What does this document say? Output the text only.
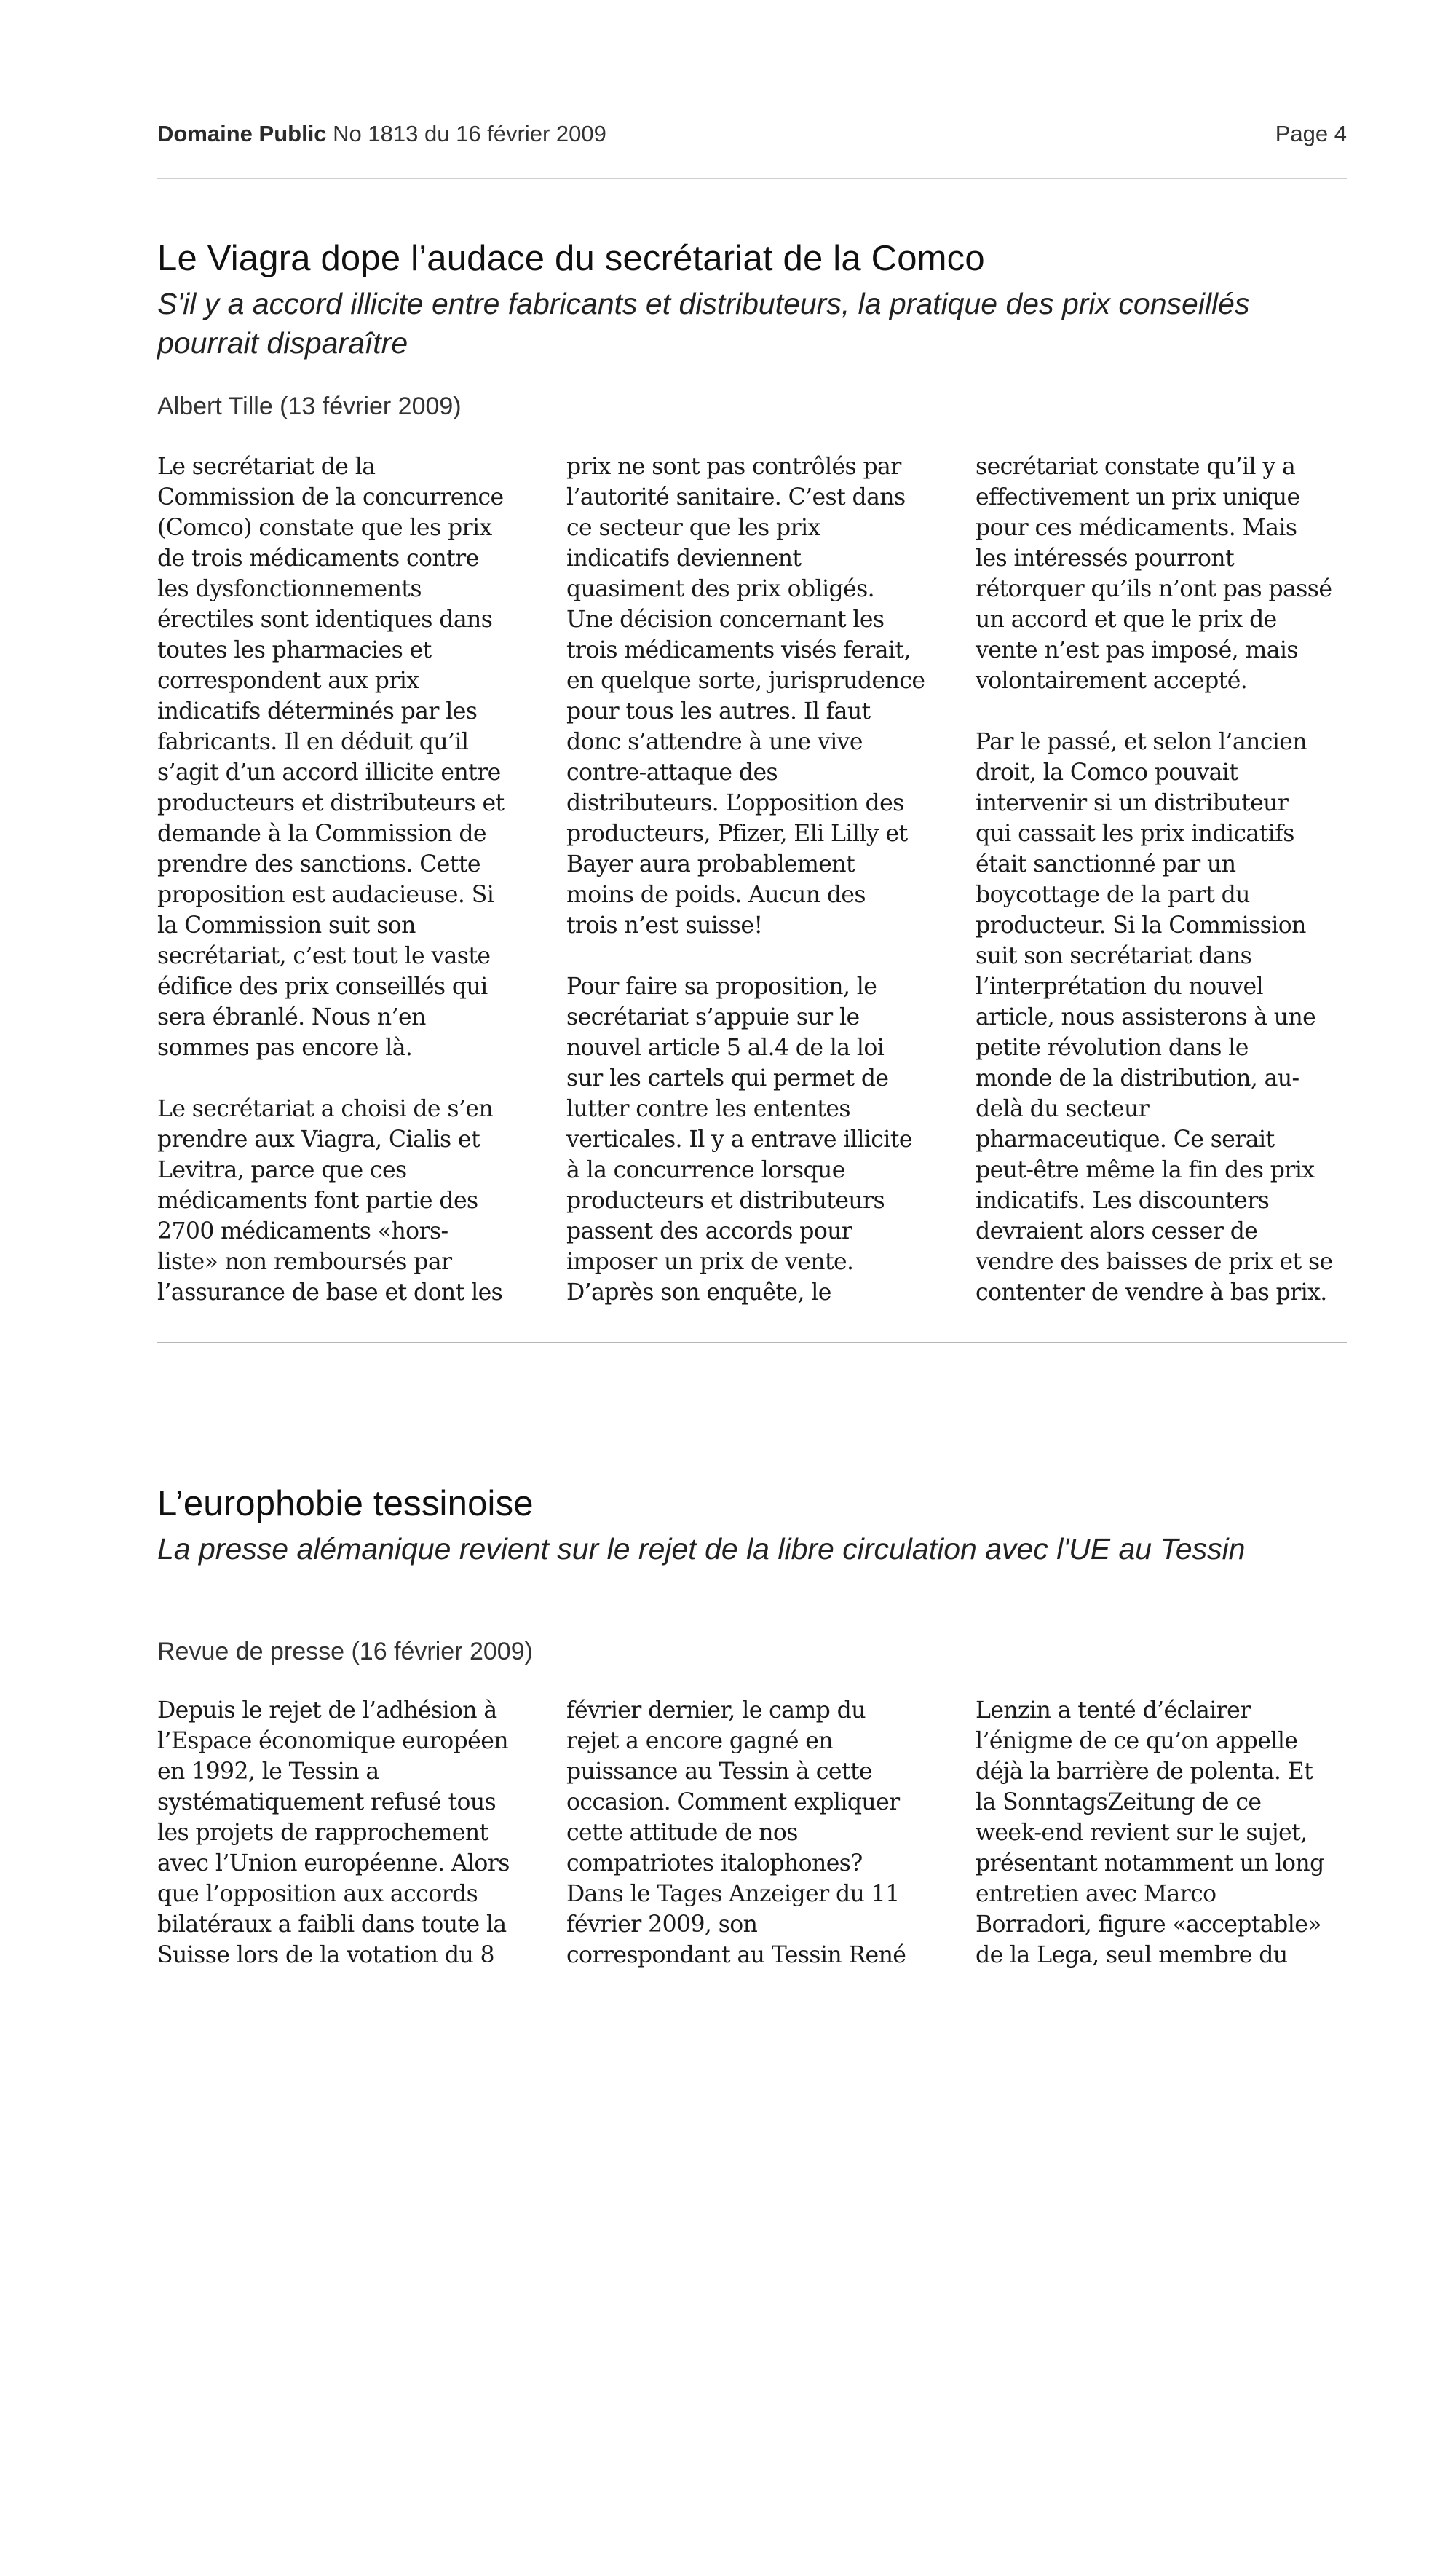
Domaine Public No 1813 du 16 février 2009	Page 4
Le Viagra dope l’audace du secrétariat de la Comco

S'il y a accord illicite entre fabricants et distributeurs, la pratique des prix conseillés pourrait disparaître

Albert Tille (13 février 2009)

Le secrétariat de la
Commission de la concurrence
(Comco) constate que les prix
de trois médicaments contre
les dysfonctionnements
érectiles sont identiques dans
toutes les pharmacies et
correspondent aux prix
indicatifs déterminés par les
fabricants. Il en déduit qu’il
s’agit d’un accord illicite entre
producteurs et distributeurs et
demande à la Commission de
prendre des sanctions. Cette
proposition est audacieuse. Si
la Commission suit son
secrétariat, c’est tout le vaste
édifice des prix conseillés qui
sera ébranlé. Nous n’en
sommes pas encore là.
Le secrétariat a choisi de s’en
prendre aux Viagra, Cialis et
Levitra, parce que ces
médicaments font partie des
2700 médicaments «hors-
liste» non remboursés par
l’assurance de base et dont les
prix ne sont pas contrôlés par
l’autorité sanitaire. C’est dans
ce secteur que les prix
indicatifs deviennent
quasiment des prix obligés.
Une décision concernant les
trois médicaments visés ferait,
en quelque sorte, jurisprudence
pour tous les autres. Il faut
donc s’attendre à une vive
contre-attaque des
distributeurs. L’opposition des
producteurs, Pfizer, Eli Lilly et
Bayer aura probablement
moins de poids. Aucun des
trois n’est suisse!
Pour faire sa proposition, le
secrétariat s’appuie sur le
nouvel article 5 al.4 de la loi
sur les cartels qui permet de
lutter contre les ententes
verticales. Il y a entrave illicite
à la concurrence lorsque
producteurs et distributeurs
passent des accords pour
imposer un prix de vente.
D’après son enquête, le
secrétariat constate qu’il y a
effectivement un prix unique
pour ces médicaments. Mais
les intéressés pourront
rétorquer qu’ils n’ont pas passé
un accord et que le prix de
vente n’est pas imposé, mais
volontairement accepté.
Par le passé, et selon l’ancien
droit, la Comco pouvait
intervenir si un distributeur
qui cassait les prix indicatifs
était sanctionné par un
boycottage de la part du
producteur. Si la Commission
suit son secrétariat dans
l’interprétation du nouvel
article, nous assisterons à une
petite révolution dans le
monde de la distribution, au-
delà du secteur
pharmaceutique. Ce serait
peut-être même la fin des prix
indicatifs. Les discounters
devraient alors cesser de
vendre des baisses de prix et se
contenter de vendre à bas prix.
L’europhobie tessinoise

La presse alémanique revient sur le rejet de la libre circulation avec l'UE au Tessin

Revue de presse (16 février 2009)

Depuis le rejet de l’adhésion à
l’Espace économique européen
en 1992, le Tessin a
systématiquement refusé tous
les projets de rapprochement
avec l’Union européenne. Alors
que l’opposition aux accords
bilatéraux a faibli dans toute la
Suisse lors de la votation du 8
février dernier, le camp du
rejet a encore gagné en
puissance au Tessin à cette
occasion. Comment expliquer
cette attitude de nos
compatriotes italophones?
Dans le Tages Anzeiger du 11
février 2009, son
correspondant au Tessin René
Lenzin a tenté d’éclairer
l’énigme de ce qu’on appelle
déjà la barrière de polenta. Et
la SonntagsZeitung de ce
week-end revient sur le sujet,
présentant notamment un long
entretien avec Marco
Borradori, figure «acceptable»
de la Lega, seul membre du
